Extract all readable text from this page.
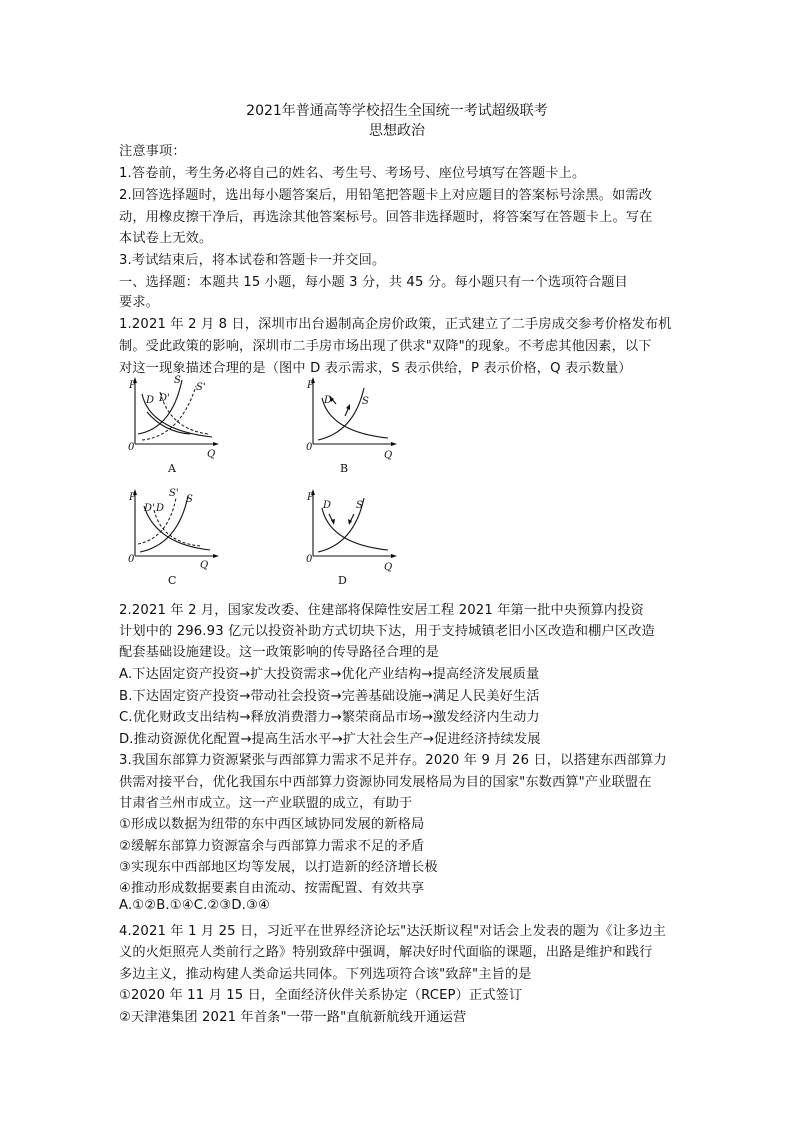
2021年普通高等学校招生全国统一考试超级联考
思想政治
注意事项：
1.答卷前，考生务必将自己的姓名、考生号、考场号、座位号填写在答题卡上。
2.回答选择题时，选出每小题答案后，用铅笔把答题卡上对应题目的答案标号涂黑。如需改
动，用橡皮擦干净后，再选涂其他答案标号。回答非选择题时，将答案写在答题卡上。写在
本试卷上无效。
3.考试结束后，将本试卷和答题卡一并交回。
一、选择题：本题共 15 小题，每小题 3 分，共 45 分。每小题只有一个选项符合题目
要求。
1.2021 年 2 月 8 日，深圳市出台遏制高企房价政策，正式建立了二手房成交参考价格发布机
制。受此政策的影响，深圳市二手房市场出现了供求"双降"的现象。不考虑其他因素，以下
对这一现象描述合理的是（图中 D 表示需求，S 表示供给，P 表示价格，Q 表示数量）
P
Q
0
D D'
S
S'
A
P
Q
0
D	S
B
P
Q
0
D' D
S'
S
C
P
Q
0
D S
D
2.2021 年 2 月，国家发改委、住建部将保障性安居工程 2021 年第一批中央预算内投资
计划中的 296.93 亿元以投资补助方式切块下达，用于支持城镇老旧小区改造和棚户区改造
配套基础设施建设。这一政策影响的传导路径合理的是
A.下达固定资产投资→扩大投资需求→优化产业结构→提高经济发展质量
B.下达固定资产投资→带动社会投资→完善基础设施→满足人民美好生活
C.优化财政支出结构→释放消费潜力→繁荣商品市场→激发经济内生动力
D.推动资源优化配置→提高生活水平→扩大社会生产→促进经济持续发展
3.我国东部算力资源紧张与西部算力需求不足并存。2020 年 9 月 26 日，以搭建东西部算力
供需对接平台，优化我国东中西部算力资源协同发展格局为目的国家"东数西算"产业联盟在
甘肃省兰州市成立。这一产业联盟的成立，有助于
①形成以数据为纽带的东中西区域协同发展的新格局
②缓解东部算力资源富余与西部算力需求不足的矛盾
③实现东中西部地区均等发展，以打造新的经济增长极
④推动形成数据要素自由流动、按需配置、有效共享
A.①②B.①④C.②③D.③④
4.2021 年 1 月 25 日，习近平在世界经济论坛"达沃斯议程"对话会上发表的题为《让多边主
义的火炬照亮人类前行之路》特别致辞中强调，解决好时代面临的课题，出路是维护和践行
多边主义，推动构建人类命运共同体。下列选项符合该"致辞"主旨的是
①2020 年 11 月 15 日，全面经济伙伴关系协定（RCEP）正式签订
②天津港集团 2021 年首条"一带一路"直航新航线开通运营
